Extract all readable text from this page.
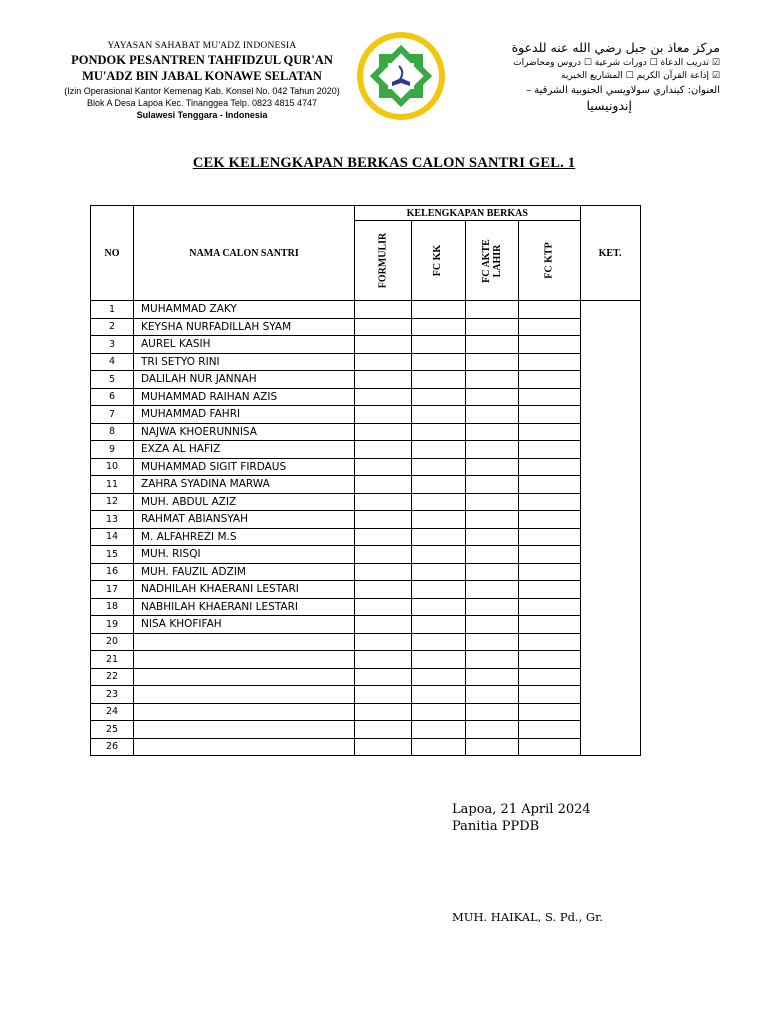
YAYASAN SAHABAT MU'ADZ INDONESIA
PONDOK PESANTREN TAHFIDZUL QUR'AN
MU'ADZ BIN JABAL KONAWE SELATAN
(Izin Operasional Kantor Kemenag Kab. Konsel No. 042 Tahun 2020)
Blok A Desa Lapoa Kec. Tinanggea Telp. 0823 4815 4747
Sulawesi Tenggara - Indonesia
مركز معاذ بن جبل رضي الله عنه للدعوة
☑ تدريب الدعاة ☐ دورات شرعية ☐ دروس ومحاضرات
☑ إذاعة القرآن الكريم ☐ المشاريع الخيرية
العنوان: كينداري سولاويسي الجنوبية الشرقية –
إندونيسيا
CEK KELENGKAPAN BERKAS CALON SANTRI GEL. 1
NO	NAMA CALON SANTRI	KELENGKAPAN BERKAS				KET.

		FORMULIR	FC KK	FC AKTE LAHIR	FC KTP	

1	MUHAMMAD ZAKY					
2	KEYSHA NURFADILLAH SYAM					
3	AUREL KASIH					
4	TRI SETYO RINI					
5	DALILAH NUR JANNAH					
6	MUHAMMAD RAIHAN AZIS					
7	MUHAMMAD FAHRI					
8	NAJWA KHOERUNNISA					
9	EXZA AL HAFIZ					
10	MUHAMMAD SIGIT FIRDAUS					
11	ZAHRA SYADINA MARWA					
12	MUH. ABDUL AZIZ					
13	RAHMAT ABIANSYAH					
14	M. ALFAHREZI M.S					
15	MUH. RISQI					
16	MUH. FAUZIL ADZIM					
17	NADHILAH KHAERANI LESTARI					
18	NABHILAH KHAERANI LESTARI					
19	NISA KHOFIFAH					
20						
21						
22						
23						
24						
25						
26						
Lapoa, 21 April 2024
Panitia PPDB
MUH. HAIKAL, S. Pd., Gr.
